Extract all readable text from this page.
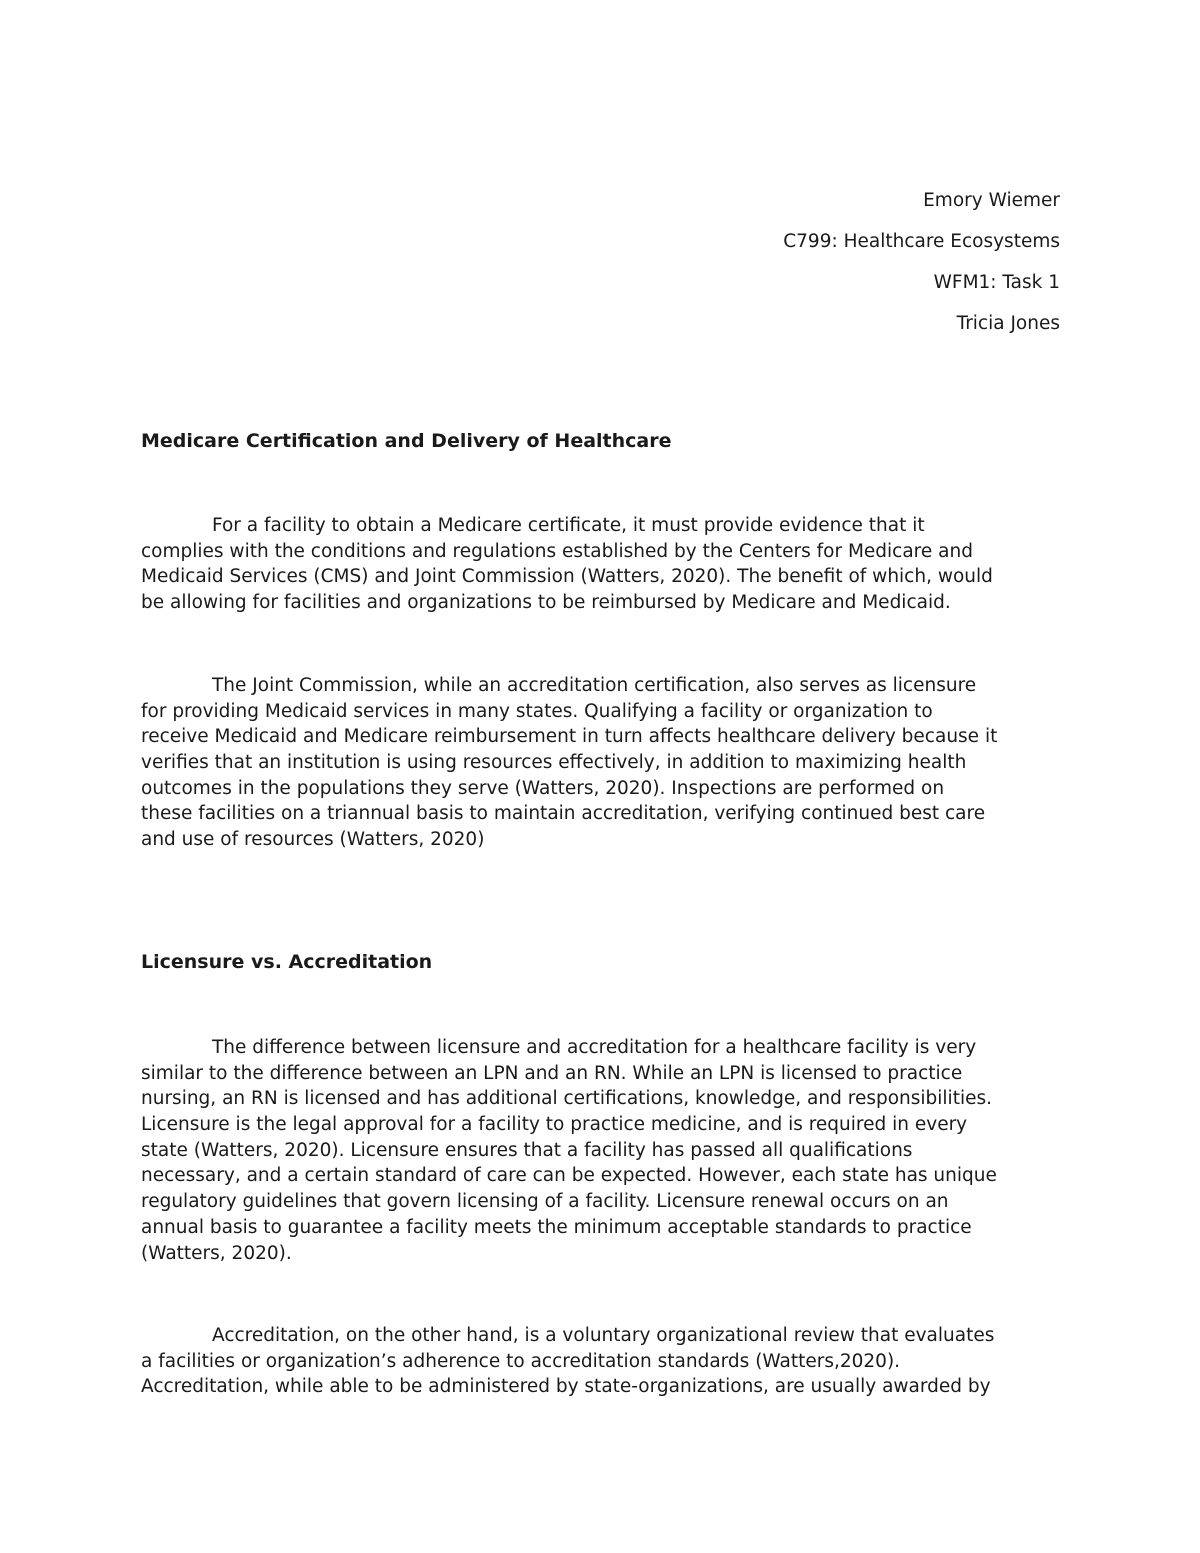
Emory Wiemer
C799: Healthcare Ecosystems
WFM1: Task 1
Tricia Jones
Medicare Certification and Delivery of Healthcare
For a facility to obtain a Medicare certificate, it must provide evidence that it
complies with the conditions and regulations established by the Centers for Medicare and
Medicaid Services (CMS) and Joint Commission (Watters, 2020). The benefit of which, would
be allowing for facilities and organizations to be reimbursed by Medicare and Medicaid.
The Joint Commission, while an accreditation certification, also serves as licensure
for providing Medicaid services in many states. Qualifying a facility or organization to
receive Medicaid and Medicare reimbursement in turn affects healthcare delivery because it
verifies that an institution is using resources effectively, in addition to maximizing health
outcomes in the populations they serve (Watters, 2020). Inspections are performed on
these facilities on a triannual basis to maintain accreditation, verifying continued best care
and use of resources (Watters, 2020)
Licensure vs. Accreditation
The difference between licensure and accreditation for a healthcare facility is very
similar to the difference between an LPN and an RN. While an LPN is licensed to practice
nursing, an RN is licensed and has additional certifications, knowledge, and responsibilities.
Licensure is the legal approval for a facility to practice medicine, and is required in every
state (Watters, 2020). Licensure ensures that a facility has passed all qualifications
necessary, and a certain standard of care can be expected. However, each state has unique
regulatory guidelines that govern licensing of a facility. Licensure renewal occurs on an
annual basis to guarantee a facility meets the minimum acceptable standards to practice
(Watters, 2020).
Accreditation, on the other hand, is a voluntary organizational review that evaluates
a facilities or organization’s adherence to accreditation standards (Watters,2020).
Accreditation, while able to be administered by state-organizations, are usually awarded by
